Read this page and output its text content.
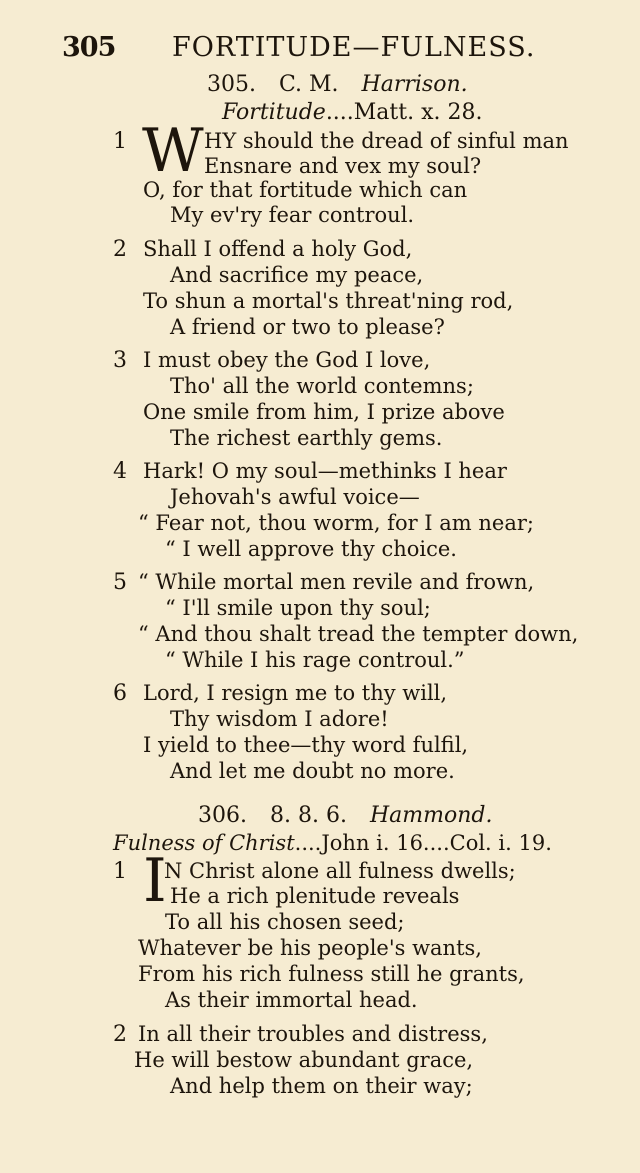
305 FORTITUDE—FULNESS.
305. C. M. Harrison.
Fortitude....Matt. x. 28.
1 W HY should the dread of sinful man
Ensnare and vex my soul?
O, for that fortitude which can
My ev'ry fear controul.
2 Shall I offend a holy God,
And sacrifice my peace,
To shun a mortal's threat'ning rod,
A friend or two to please?
3 I must obey the God I love,
Tho' all the world contemns;
One smile from him, I prize above
The richest earthly gems.
4 Hark! O my soul—methinks I hear
Jehovah's awful voice—
“ Fear not, thou worm, for I am near;
“ I well approve thy choice.
5 “ While mortal men revile and frown,
“ I'll smile upon thy soul;
“ And thou shalt tread the tempter down,
“ While I his rage controul.”
6 Lord, I resign me to thy will,
Thy wisdom I adore!
I yield to thee—thy word fulfil,
And let me doubt no more.
306. 8. 8. 6. Hammond.
Fulness of Christ....John i. 16....Col. i. 19.
1 I
N Christ alone all fulness dwells;
He a rich plenitude reveals
To all his chosen seed;
Whatever be his people's wants,
From his rich fulness still he grants,
As their immortal head.
2 In all their troubles and distress,
He will bestow abundant grace,
And help them on their way;
